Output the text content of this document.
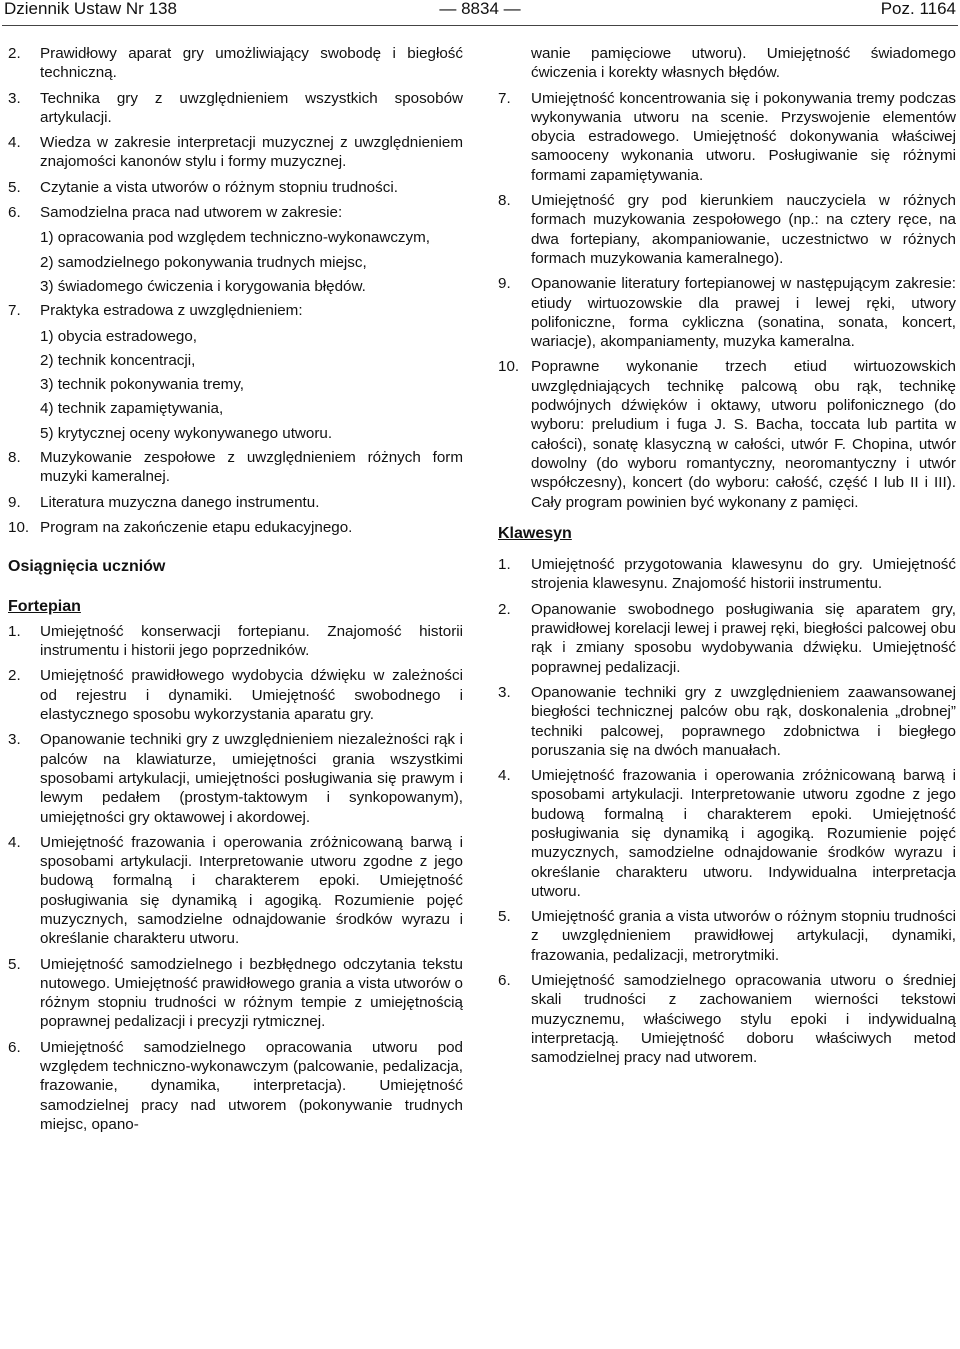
Dziennik Ustaw Nr 138	— 8834 —	Poz. 1164
2. Prawidłowy aparat gry umożliwiający swobodę i biegłość techniczną.
3. Technika gry z uwzględnieniem wszystkich sposobów artykulacji.
4. Wiedza w zakresie interpretacji muzycznej z uwzględnieniem znajomości kanonów stylu i formy muzycznej.
5. Czytanie a vista utworów o różnym stopniu trudności.
6. Samodzielna praca nad utworem w zakresie:
1) opracowania pod względem techniczno-wykonawczym,
2) samodzielnego pokonywania trudnych miejsc,
3) świadomego ćwiczenia i korygowania błędów.
7. Praktyka estradowa z uwzględnieniem:
1) obycia estradowego,
2) technik koncentracji,
3) technik pokonywania tremy,
4) technik zapamiętywania,
5) krytycznej oceny wykonywanego utworu.
8. Muzykowanie zespołowe z uwzględnieniem różnych form muzyki kameralnej.
9. Literatura muzyczna danego instrumentu.
10. Program na zakończenie etapu edukacyjnego.
Osiągnięcia uczniów
Fortepian
1. Umiejętność konserwacji fortepianu. Znajomość historii instrumentu i historii jego poprzedników.
2. Umiejętność prawidłowego wydobycia dźwięku w zależności od rejestru i dynamiki. Umiejętność swobodnego i elastycznego sposobu wykorzystania aparatu gry.
3. Opanowanie techniki gry z uwzględnieniem niezależności rąk i palców na klawiaturze, umiejętności grania wszystkimi sposobami artykulacji, umiejętności posługiwania się prawym i lewym pedałem (prostym-taktowym i synkopowanym), umiejętności gry oktawowej i akordowej.
4. Umiejętność frazowania i operowania zróżnicowaną barwą i sposobami artykulacji. Interpretowanie utworu zgodne z jego budową formalną i charakterem epoki. Umiejętność posługiwania się dynamiką i agogiką. Rozumienie pojęć muzycznych, samodzielne odnajdowanie środków wyrazu i określanie charakteru utworu.
5. Umiejętność samodzielnego i bezbłędnego odczytania tekstu nutowego. Umiejętność prawidłowego grania a vista utworów o różnym stopniu trudności w różnym tempie z umiejętnością poprawnej pedalizacji i precyzji rytmicznej.
6. Umiejętność samodzielnego opracowania utworu pod względem techniczno-wykonawczym (palcowanie, pedalizacja, frazowanie, dynamika, interpretacja). Umiejętność samodzielnej pracy nad utworem (pokonywanie trudnych miejsc, opano-
wanie pamięciowe utworu). Umiejętność świadomego ćwiczenia i korekty własnych błędów.
7. Umiejętność koncentrowania się i pokonywania tremy podczas wykonywania utworu na scenie. Przyswojenie elementów obycia estradowego. Umiejętność dokonywania właściwej samooceny wykonania utworu. Posługiwanie się różnymi formami zapamiętywania.
8. Umiejętność gry pod kierunkiem nauczyciela w różnych formach muzykowania zespołowego (np.: na cztery ręce, na dwa fortepiany, akompaniowanie, uczestnictwo w różnych formach muzykowania kameralnego).
9. Opanowanie literatury fortepianowej w następującym zakresie: etiudy wirtuozowskie dla prawej i lewej ręki, utwory polifoniczne, forma cykliczna (sonatina, sonata, koncert, wariacje), akompaniamenty, muzyka kameralna.
10. Poprawne wykonanie trzech etiud wirtuozowskich uwzględniających technikę palcową obu rąk, technikę podwójnych dźwięków i oktawy, utworu polifonicznego (do wyboru: preludium i fuga J. S. Bacha, toccata lub partita w całości), sonatę klasyczną w całości, utwór F. Chopina, utwór dowolny (do wyboru romantyczny, neoromantyczny i utwór współczesny), koncert (do wyboru: całość, część I lub II i III). Cały program powinien być wykonany z pamięci.
Klawesyn
1. Umiejętność przygotowania klawesynu do gry. Umiejętność strojenia klawesynu. Znajomość historii instrumentu.
2. Opanowanie swobodnego posługiwania się aparatem gry, prawidłowej korelacji lewej i prawej ręki, biegłości palcowej obu rąk i zmiany sposobu wydobywania dźwięku. Umiejętność poprawnej pedalizacji.
3. Opanowanie techniki gry z uwzględnieniem zaawansowanej biegłości technicznej palców obu rąk, doskonalenia „drobnej” techniki palcowej, poprawnego zdobnictwa i biegłego poruszania się na dwóch manuałach.
4. Umiejętność frazowania i operowania zróżnicowaną barwą i sposobami artykulacji. Interpretowanie utworu zgodne z jego budową formalną i charakterem epoki. Umiejętność posługiwania się dynamiką i agogiką. Rozumienie pojęć muzycznych, samodzielne odnajdowanie środków wyrazu i określanie charakteru utworu. Indywidualna interpretacja utworu.
5. Umiejętność grania a vista utworów o różnym stopniu trudności z uwzględnieniem prawidłowej artykulacji, dynamiki, frazowania, pedalizacji, metrorytmiki.
6. Umiejętność samodzielnego opracowania utworu o średniej skali trudności z zachowaniem wierności tekstowi muzycznemu, właściwego stylu epoki i indywidualną interpretacją. Umiejętność doboru właściwych metod samodzielnej pracy nad utworem.
